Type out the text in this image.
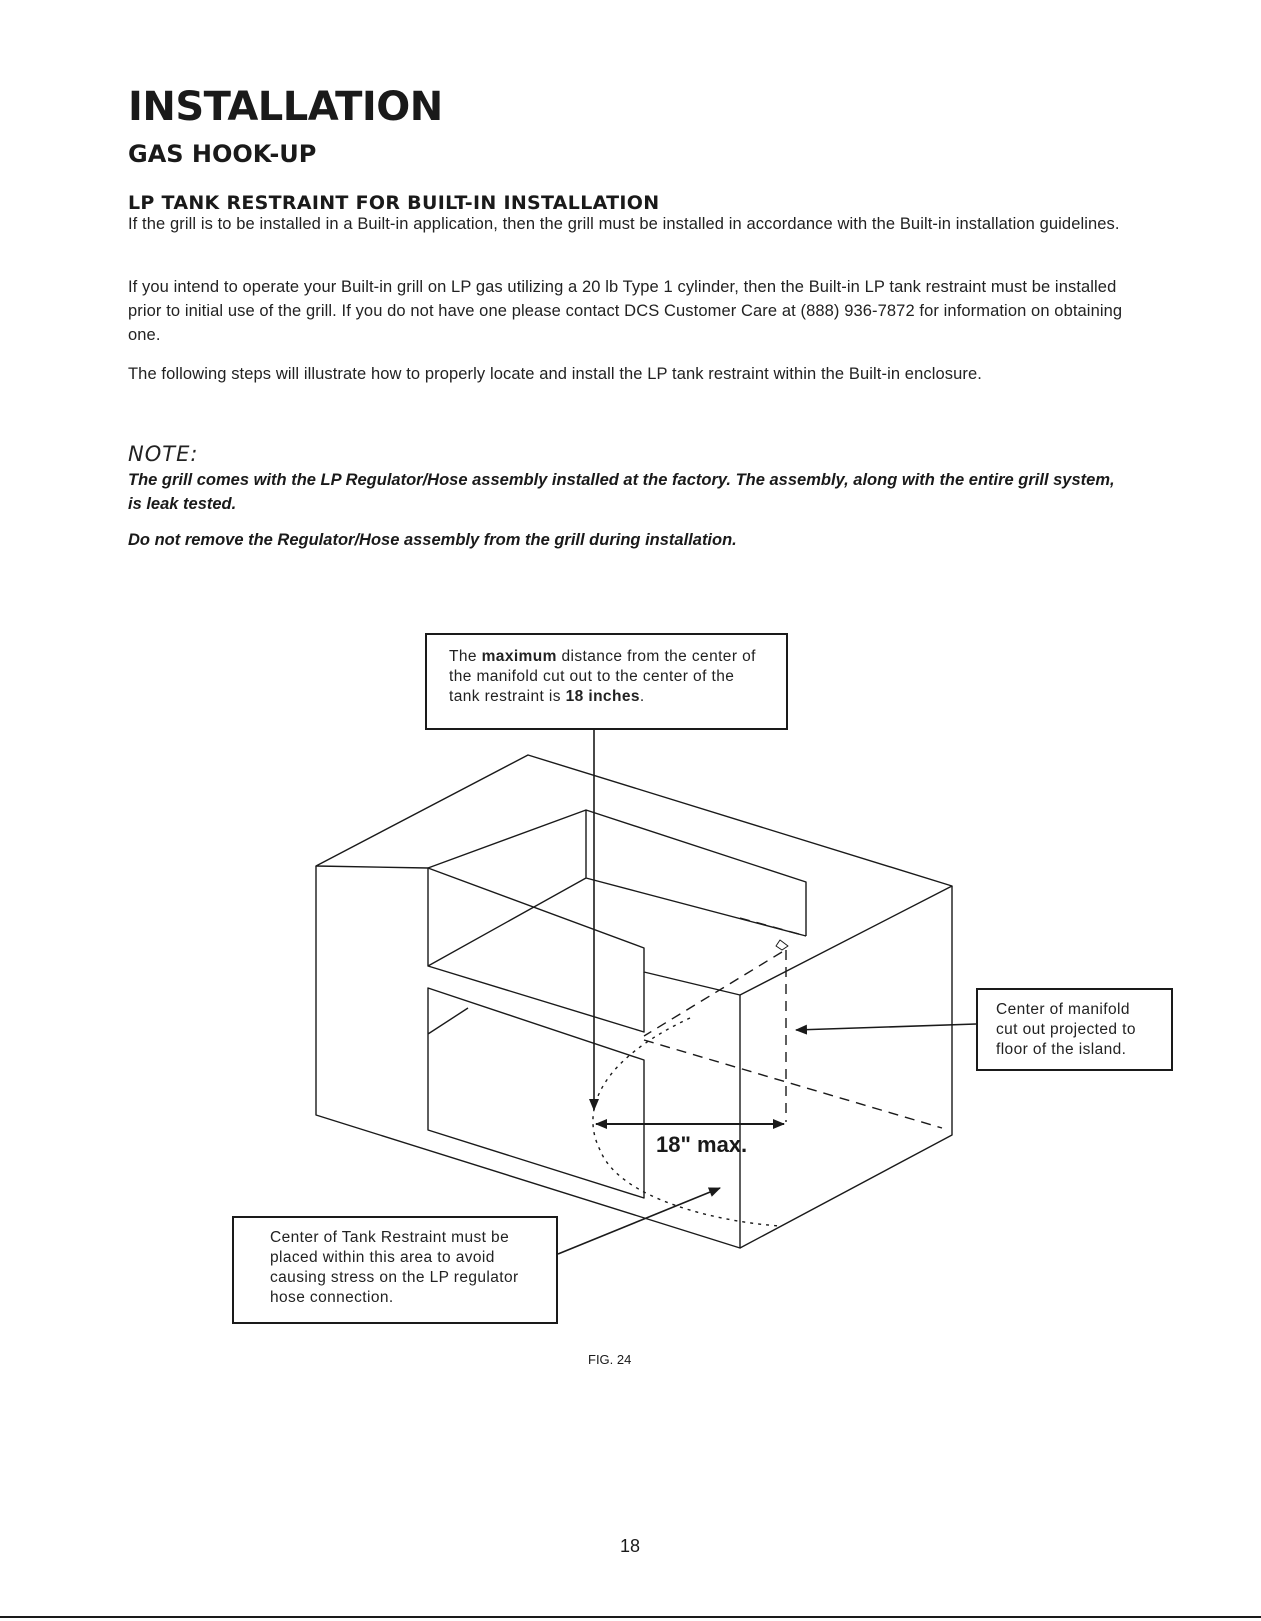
INSTALLATION
GAS HOOK-UP
LP TANK RESTRAINT FOR BUILT-IN INSTALLATION

If the grill is to be installed in a Built-in application, then the grill must be installed in accordance with the Built-in installation guidelines.

If you intend to operate your Built-in grill on LP gas utilizing a 20 lb Type 1 cylinder, then the Built-in LP tank restraint must be installed prior to initial use of the grill. If you do not have one please contact DCS Customer Care at (888) 936-7872 for information on obtaining one.

The following steps will illustrate how to properly locate and install the LP tank restraint within the Built-in enclosure.

NOTE:

The grill comes with the LP Regulator/Hose assembly installed at the factory. The assembly, along with the entire grill system, is leak tested.

Do not remove the Regulator/Hose assembly from the grill during installation.

18" max.
The maximum distance from the center of the manifold cut out to the center of the tank restraint is 18 inches.
Center of manifold cut out projected to floor of the island.
Center of Tank Restraint must be placed within this area to avoid causing stress on the LP regulator hose connection.
FIG. 24
18
